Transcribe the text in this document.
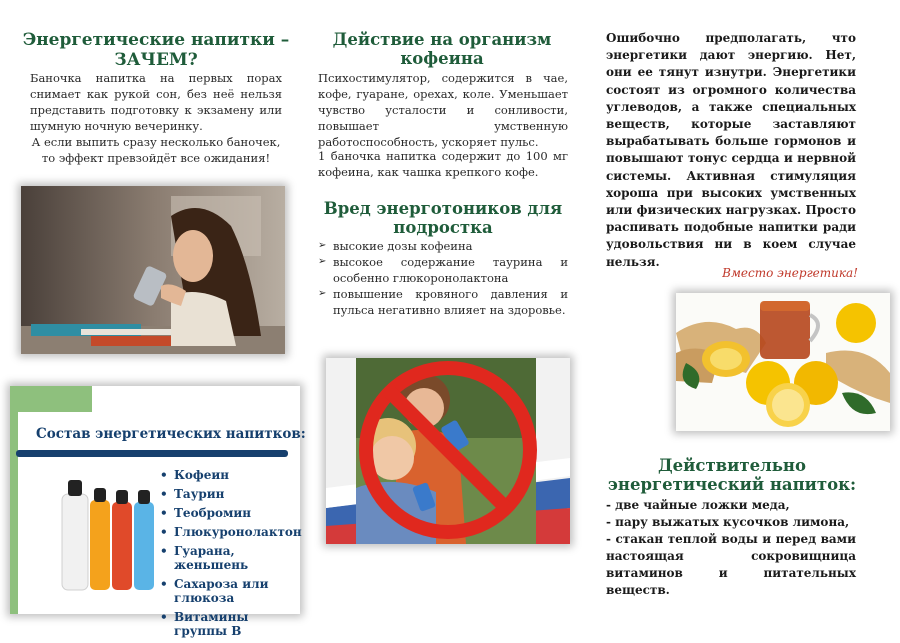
Энергетические напитки – ЗАЧЕМ?
Баночка напитка на первых порах снимает как рукой сон, без неё нельзя представить подготовку к экзамену или шумную ночную вечеринку.
А если выпить сразу несколько баночек, то эффект превзойдёт все ожидания!
Состав энергетических напитков:
• Кофеин
• Таурин
• Теобромин
• Глюкуронолактон
• Гуарана, женьшень
• Сахароза или глюкоза
• Витамины группы В
Действие на организм кофеина
Психостимулятор, содержится в чае, кофе, гуаране, орехах, коле. Уменьшает чувство усталости и сонливости, повышает умственную работоспособность, ускоряет пульс.
1 баночка напитка содержит до 100 мг кофеина, как чашка крепкого кофе.
Вред энерготоников для подростка
➢ высокие дозы кофеина
➢ высокое содержание таурина и особенно глюкоронолактона
➢ повышение кровяного давления и пульса негативно влияет на здоровье.
Ошибочно предполагать, что энергетики дают энергию. Нет, они ее тянут изнутри. Энергетики состоят из огромного количества углеводов, а также специальных веществ, которые заставляют вырабатывать больше гормонов и повышают тонус сердца и нервной системы. Активная стимуляция хороша при высоких умственных или физических нагрузках. Просто распивать подобные напитки ради удовольствия ни в коем случае нельзя.
Вместо энергетика!
Действительно энергетический напиток:
- две чайные ложки меда,
- пару выжатых кусочков лимона,
- стакан теплой воды и перед вами настоящая сокровищница витаминов и питательных веществ.
